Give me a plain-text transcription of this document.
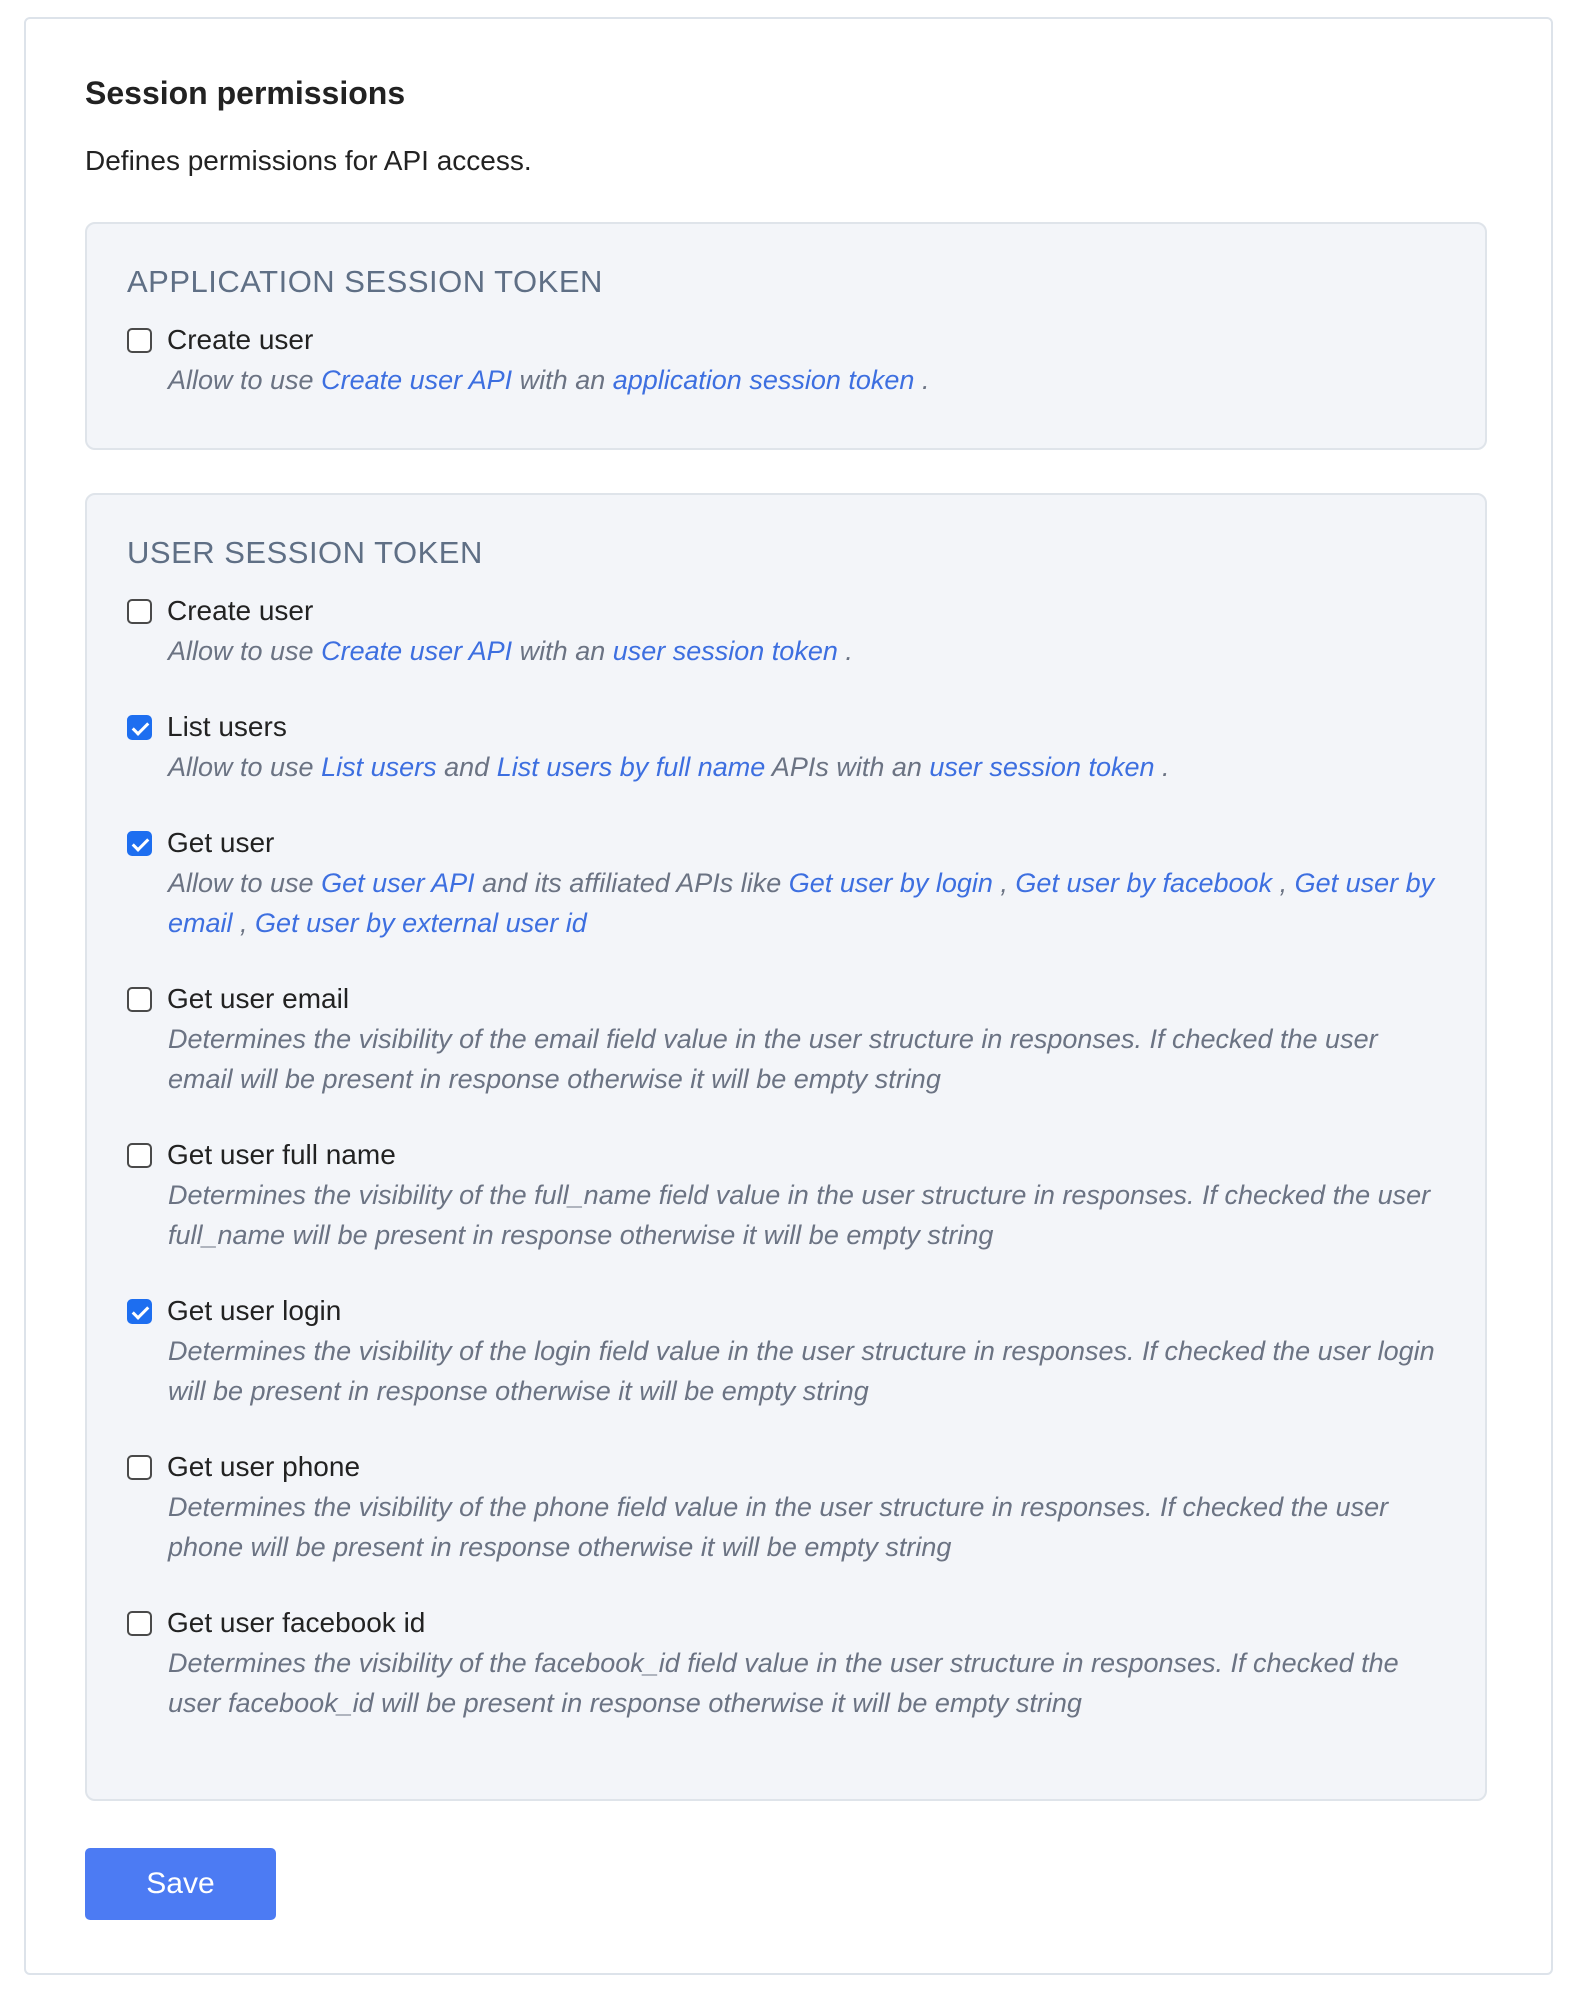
Session permissions

Defines permissions for API access.

APPLICATION SESSION TOKEN
Create user

Allow to use Create user API with an application session token .

USER SESSION TOKEN
Create user

Allow to use Create user API with an user session token .

List users

Allow to use List users and List users by full name APIs with an user session token .

Get user

Allow to use Get user API and its affiliated APIs like Get user by login , Get user by facebook , Get user by email , Get user by external user id

Get user email

Determines the visibility of the email field value in the user structure in responses. If checked the user email will be present in response otherwise it will be empty string

Get user full name

Determines the visibility of the full_name field value in the user structure in responses. If checked the user full_name will be present in response otherwise it will be empty string

Get user login

Determines the visibility of the login field value in the user structure in responses. If checked the user login will be present in response otherwise it will be empty string

Get user phone

Determines the visibility of the phone field value in the user structure in responses. If checked the user phone will be present in response otherwise it will be empty string

Get user facebook id

Determines the visibility of the facebook_id field value in the user structure in responses. If checked the user facebook_id will be present in response otherwise it will be empty string

Save
